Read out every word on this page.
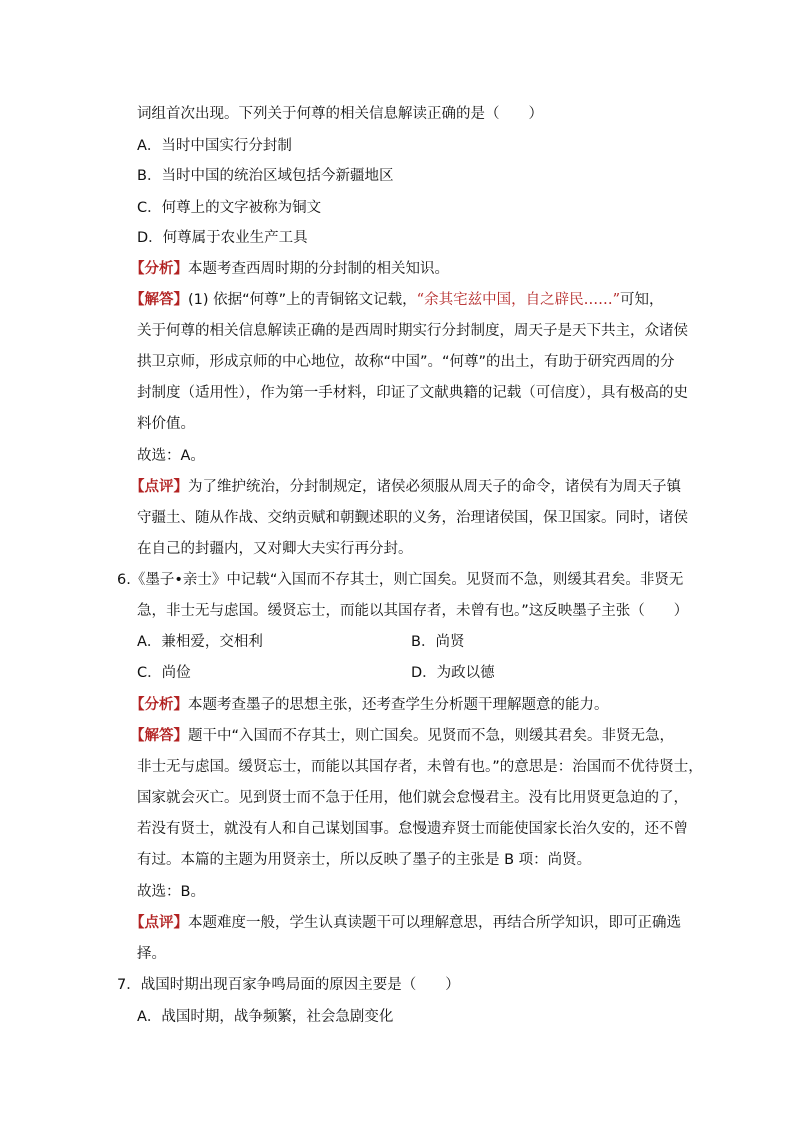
词组首次出现。下列关于何尊的相关信息解读正确的是（　　）
A．当时中国实行分封制
B．当时中国的统治区域包括今新疆地区
C．何尊上的文字被称为铜文
D．何尊属于农业生产工具
【分析】本题考查西周时期的分封制的相关知识。
【解答】(1) 依据“何尊”上的青铜铭文记载，“余其宅兹中国，自之辟民……”可知，
关于何尊的相关信息解读正确的是西周时期实行分封制度，周天子是天下共主，众诸侯
拱卫京师，形成京师的中心地位，故称“中国”。“何尊”的出土，有助于研究西周的分
封制度（适用性），作为第一手材料，印证了文献典籍的记载（可信度），具有极高的史
料价值。
故选：A。
【点评】为了维护统治，分封制规定，诸侯必须服从周天子的命令，诸侯有为周天子镇
守疆土、随从作战、交纳贡赋和朝觐述职的义务，治理诸侯国，保卫国家。同时，诸侯
在自己的封疆内，又对卿大夫实行再分封。
6.《墨子•亲士》中记载“入国而不存其士，则亡国矣。见贤而不急，则缓其君矣。非贤无
急，非士无与虑国。缓贤忘士，而能以其国存者，未曾有也。”这反映墨子主张（　　）
A．兼相爱，交相利	B．尚贤
C．尚俭	D．为政以德
【分析】本题考查墨子的思想主张，还考查学生分析题干理解题意的能力。
【解答】题干中“入国而不存其士，则亡国矣。见贤而不急，则缓其君矣。非贤无急，
非士无与虑国。缓贤忘士，而能以其国存者，未曾有也。”的意思是：治国而不优待贤士，
国家就会灭亡。见到贤士而不急于任用，他们就会怠慢君主。没有比用贤更急迫的了，
若没有贤士，就没有人和自己谋划国事。怠慢遗弃贤士而能使国家长治久安的，还不曾
有过。本篇的主题为用贤亲士，所以反映了墨子的主张是 B 项：尚贤。
故选：B。
【点评】本题难度一般，学生认真读题干可以理解意思，再结合所学知识，即可正确选
择。
7．战国时期出现百家争鸣局面的原因主要是（　　）
A．战国时期，战争频繁，社会急剧变化
